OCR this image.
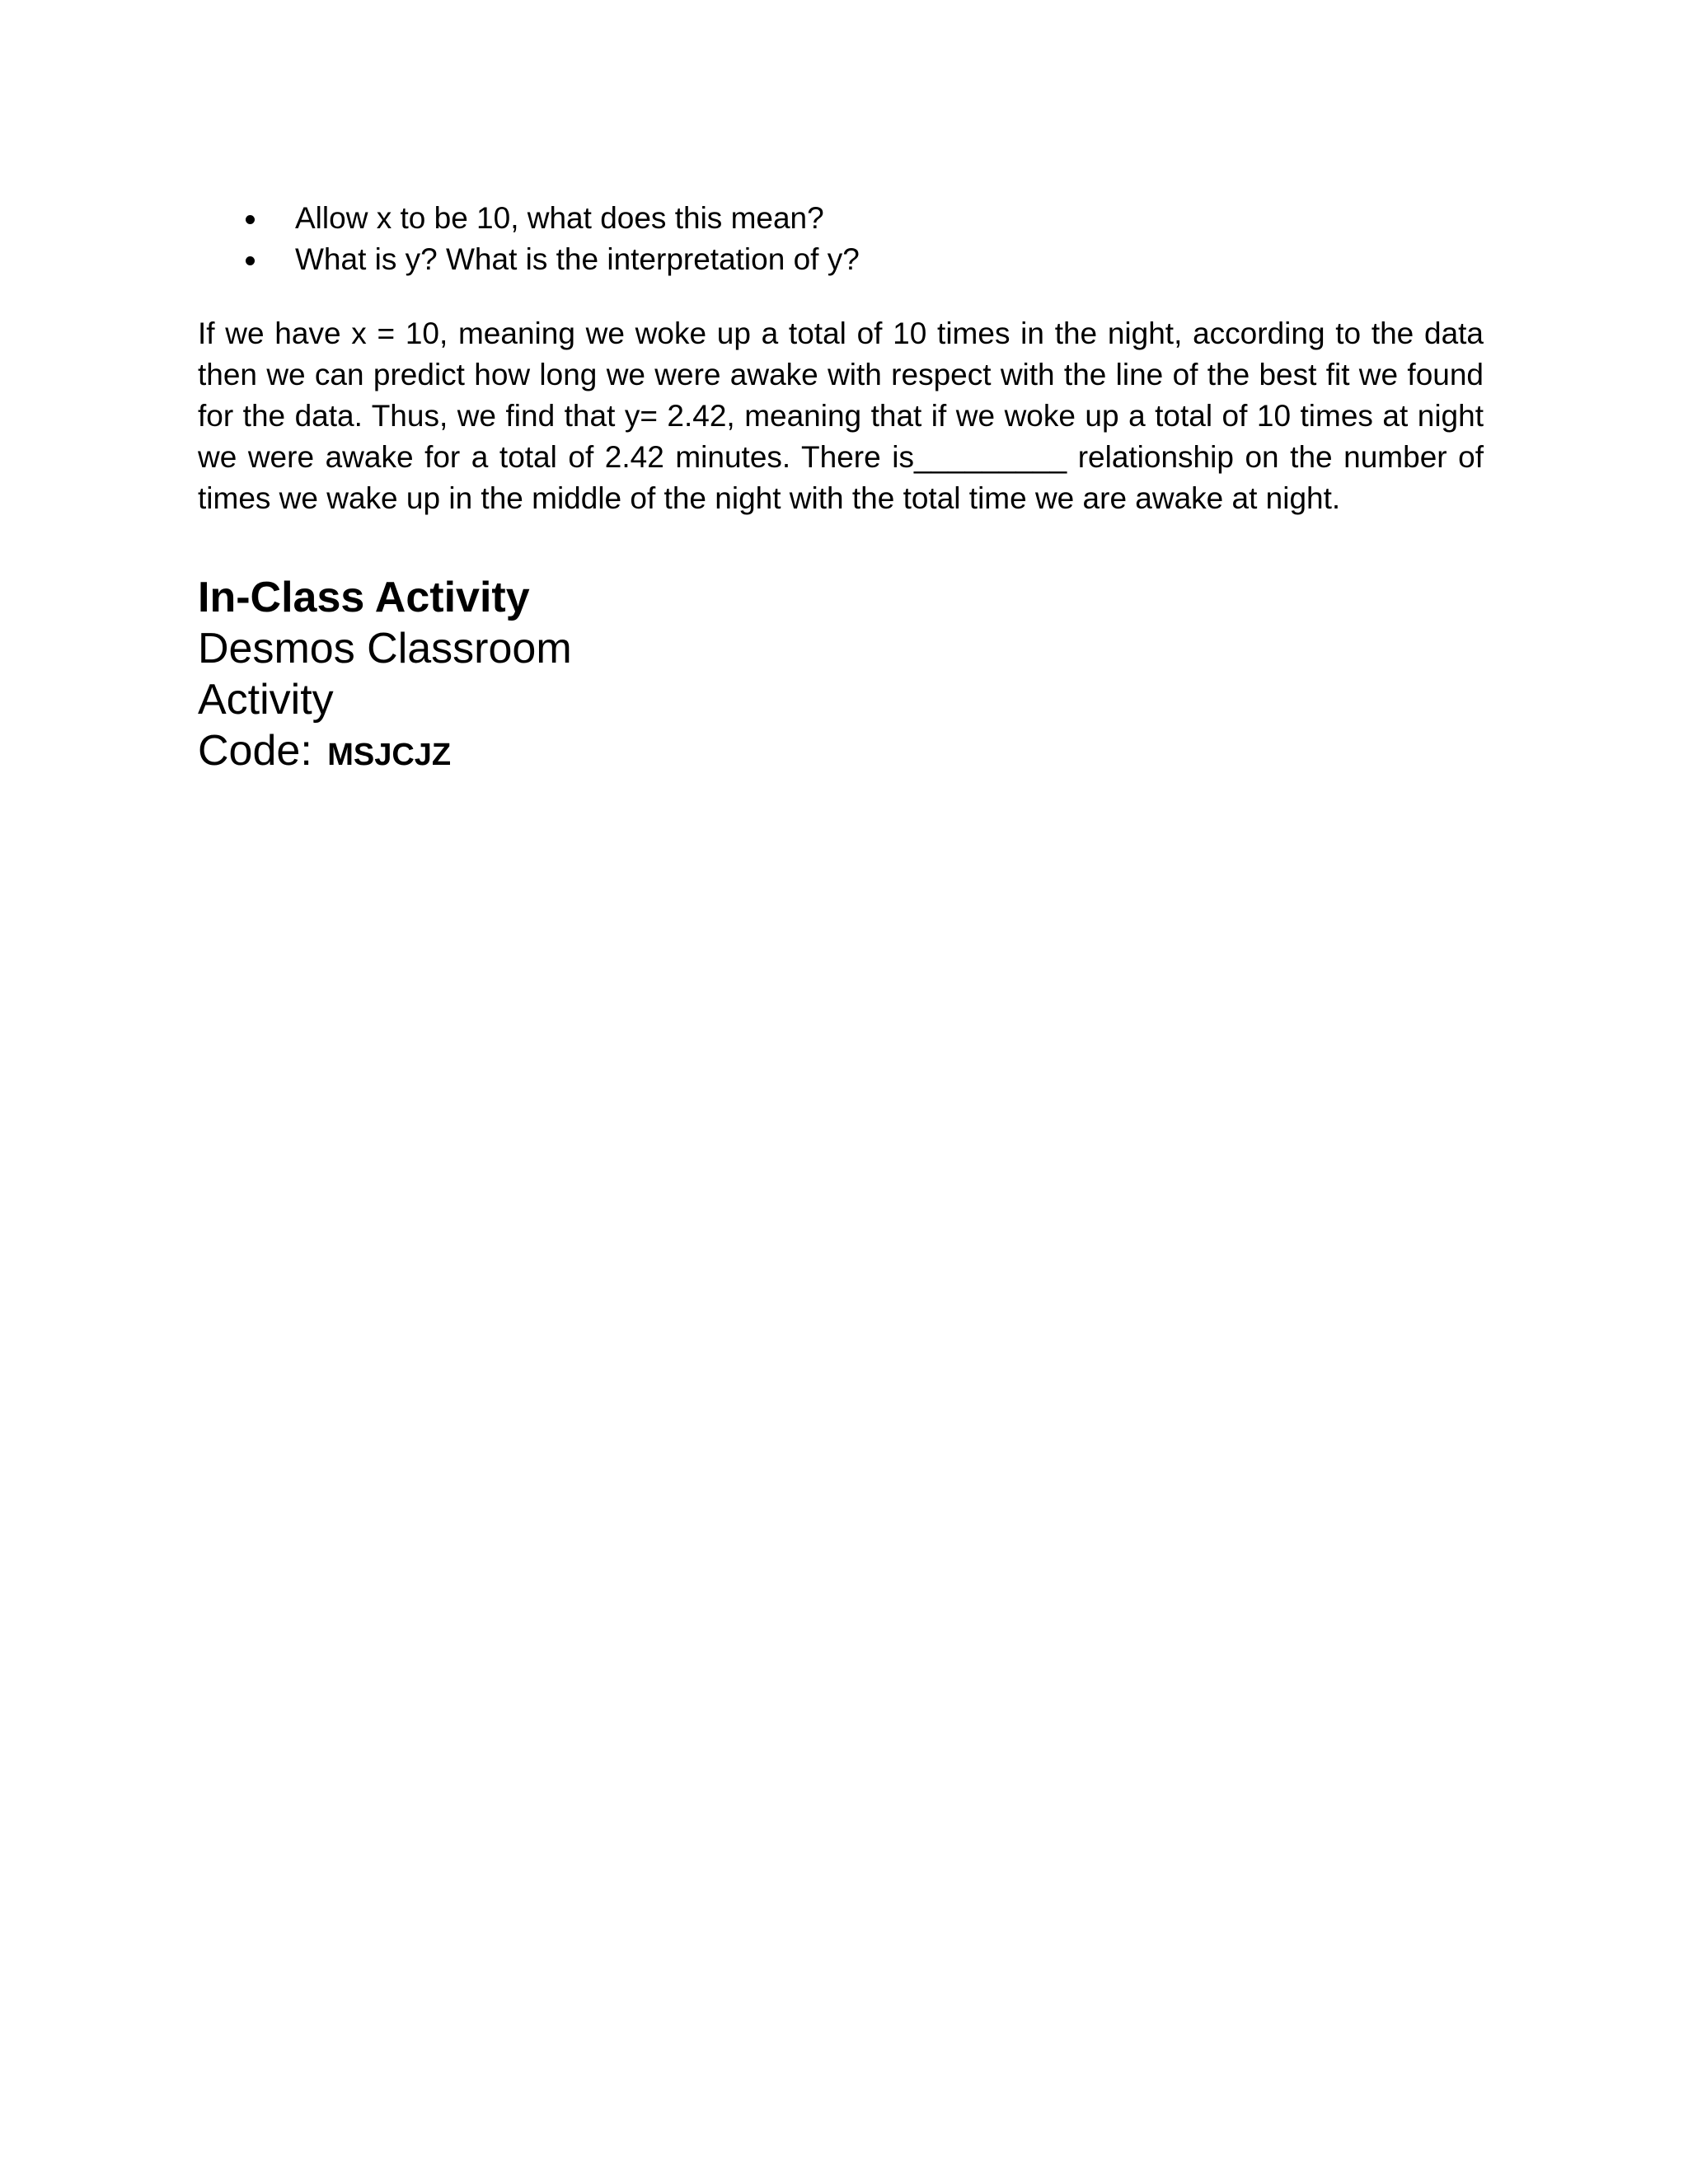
Allow x to be 10, what does this mean?
What is y? What is the interpretation of y?

If we have x = 10, meaning we woke up a total of 10 times in the night, according to the data then we can predict how long we were awake with respect with the line of the best fit we found for the data. Thus, we find that y= 2.42, meaning that if we woke up a total of 10 times at night we were awake for a total of 2.42 minutes. There is_________ relationship on the number of times we wake up in the middle of the night with the total time we are awake at night.

In-Class Activity
Desmos Classroom
Activity
Code: MSJCJZ
